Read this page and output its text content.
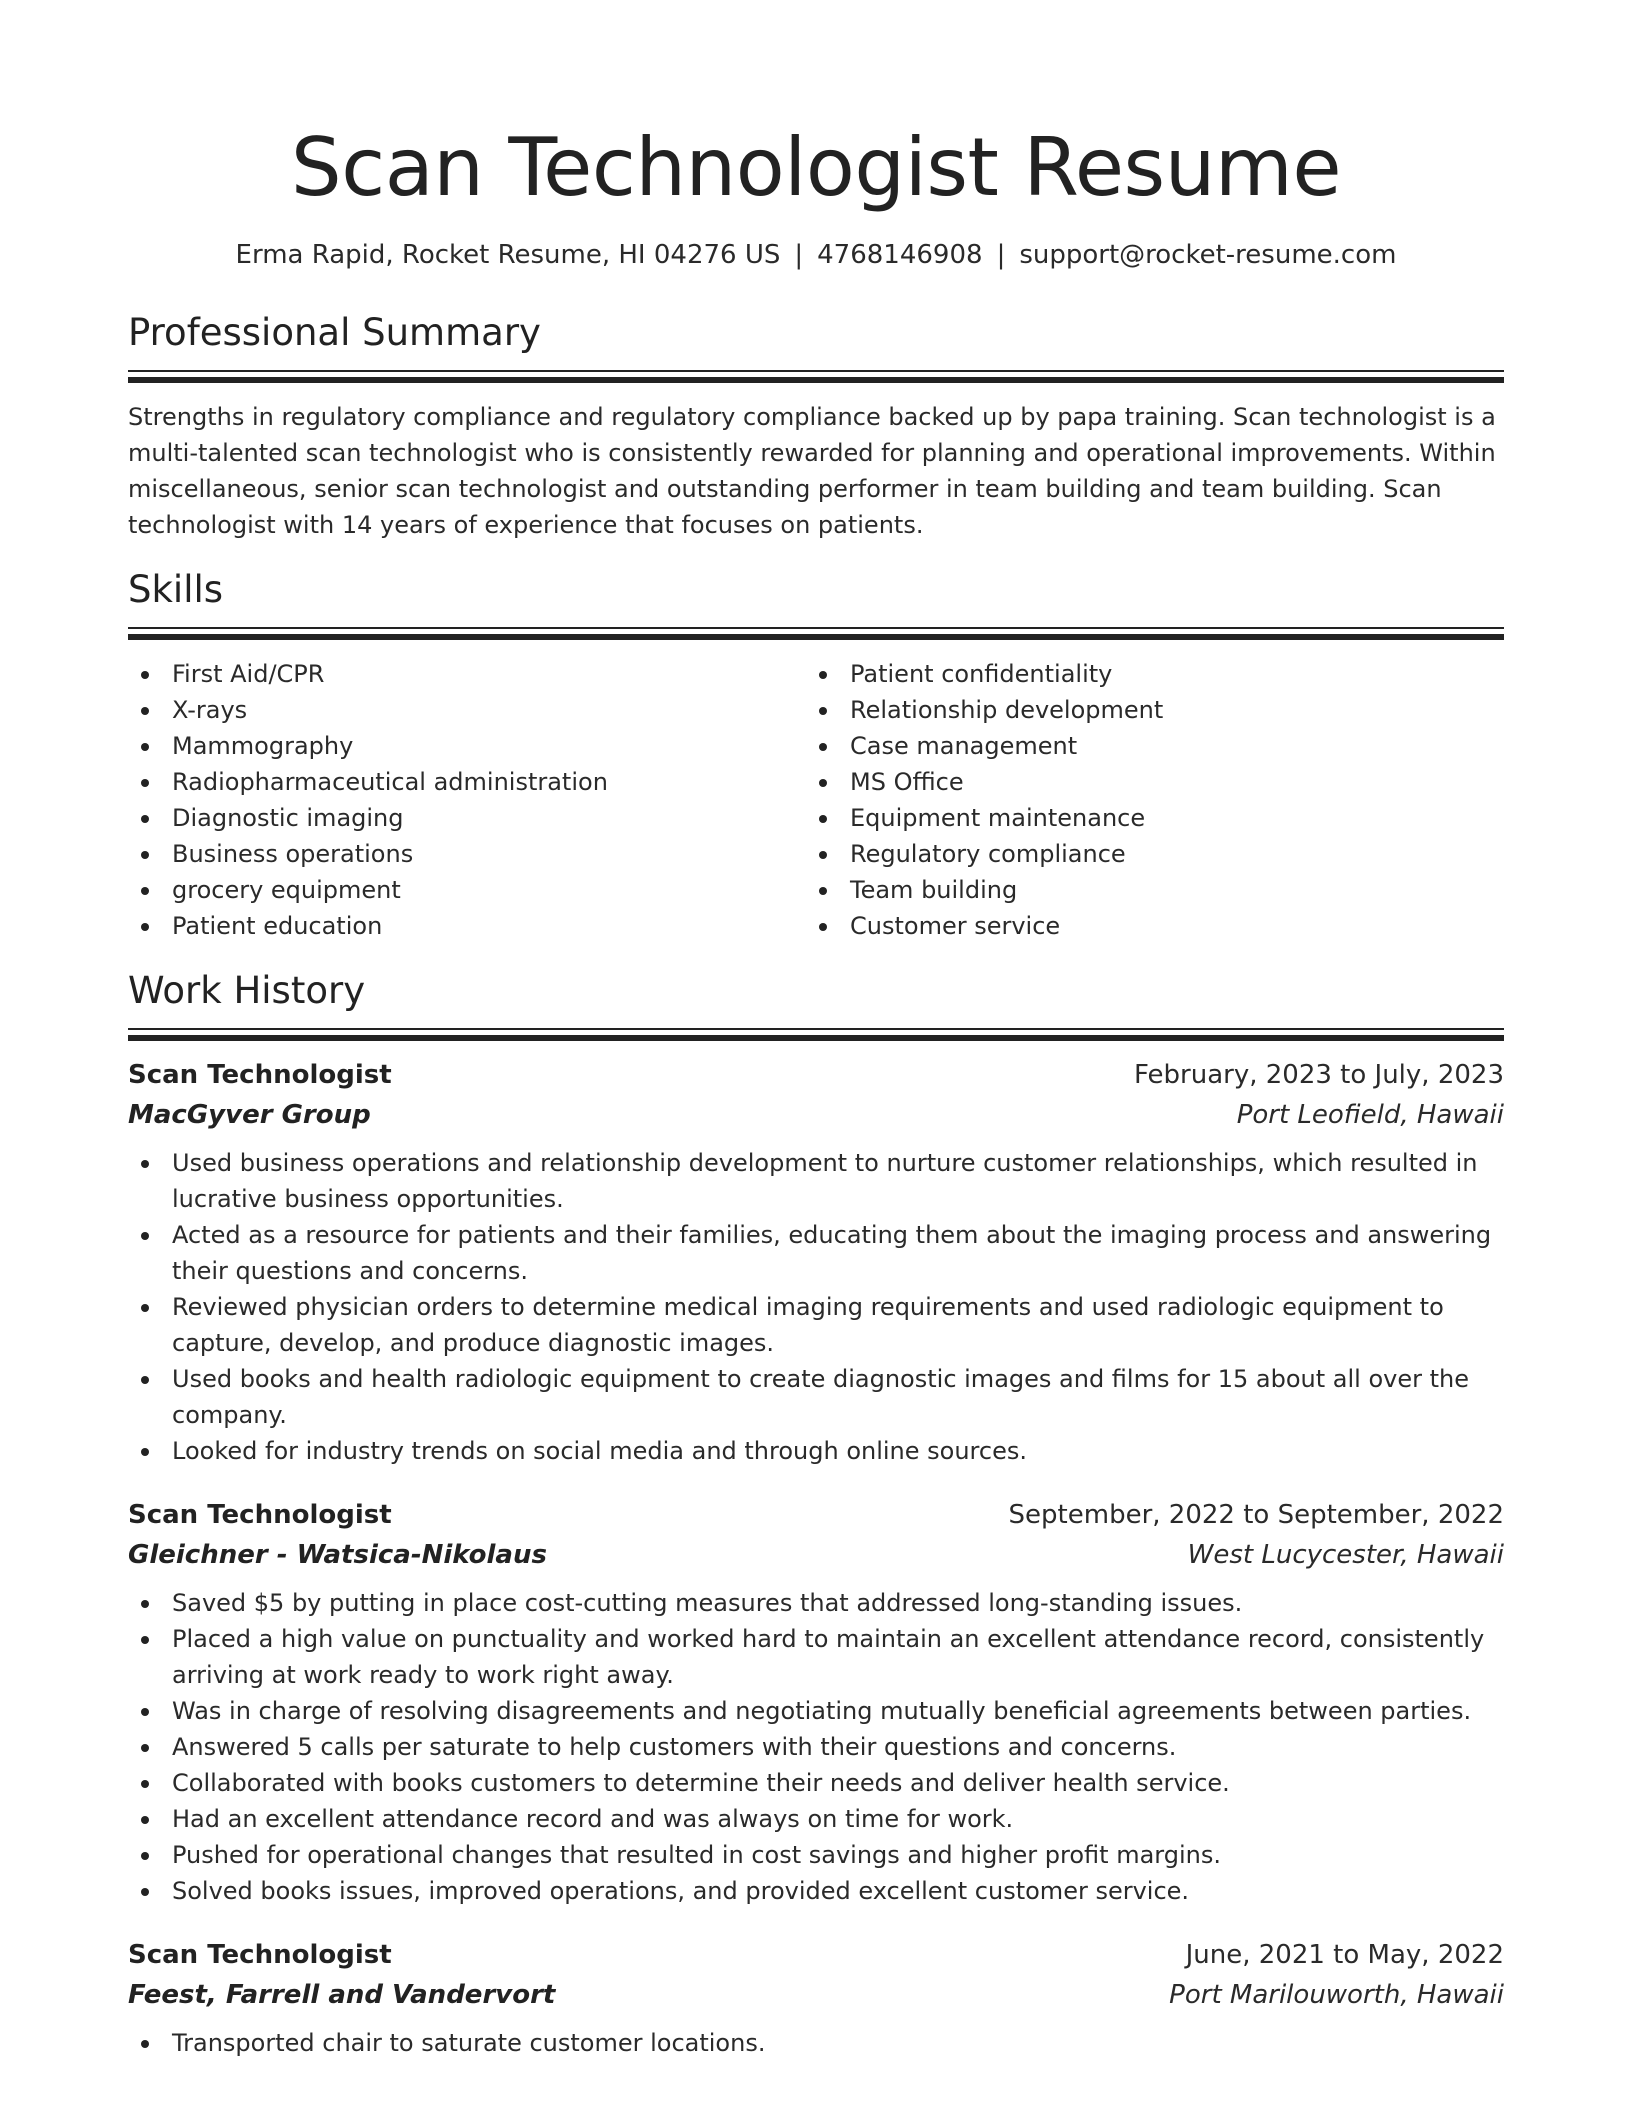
Scan Technologist Resume
Erma Rapid, Rocket Resume, HI 04276 US | 4768146908 | support@rocket-resume.com
Professional Summary

Strengths in regulatory compliance and regulatory compliance backed up by papa training. Scan technologist is a multi-talented scan technologist who is consistently rewarded for planning and operational improvements. Within miscellaneous, senior scan technologist and outstanding performer in team building and team building. Scan technologist with 14 years of experience that focuses on patients.

Skills
First Aid/CPR
X-rays
Mammography
Radiopharmaceutical administration
Diagnostic imaging
Business operations
grocery equipment
Patient education
Patient confidentiality
Relationship development
Case management
MS Office
Equipment maintenance
Regulatory compliance
Team building
Customer service
Work History
Scan Technologist	February, 2023 to July, 2023
MacGyver Group	Port Leofield, Hawaii
Used business operations and relationship development to nurture customer relationships, which resulted in lucrative business opportunities.
Acted as a resource for patients and their families, educating them about the imaging process and answering their questions and concerns.
Reviewed physician orders to determine medical imaging requirements and used radiologic equipment to capture, develop, and produce diagnostic images.
Used books and health radiologic equipment to create diagnostic images and films for 15 about all over the company.
Looked for industry trends on social media and through online sources.
Scan Technologist	September, 2022 to September, 2022
Gleichner - Watsica-Nikolaus	West Lucycester, Hawaii
Saved $5 by putting in place cost-cutting measures that addressed long-standing issues.
Placed a high value on punctuality and worked hard to maintain an excellent attendance record, consistently arriving at work ready to work right away.
Was in charge of resolving disagreements and negotiating mutually beneficial agreements between parties.
Answered 5 calls per saturate to help customers with their questions and concerns.
Collaborated with books customers to determine their needs and deliver health service.
Had an excellent attendance record and was always on time for work.
Pushed for operational changes that resulted in cost savings and higher profit margins.
Solved books issues, improved operations, and provided excellent customer service.
Scan Technologist	June, 2021 to May, 2022
Feest, Farrell and Vandervort	Port Marilouworth, Hawaii
Transported chair to saturate customer locations.
